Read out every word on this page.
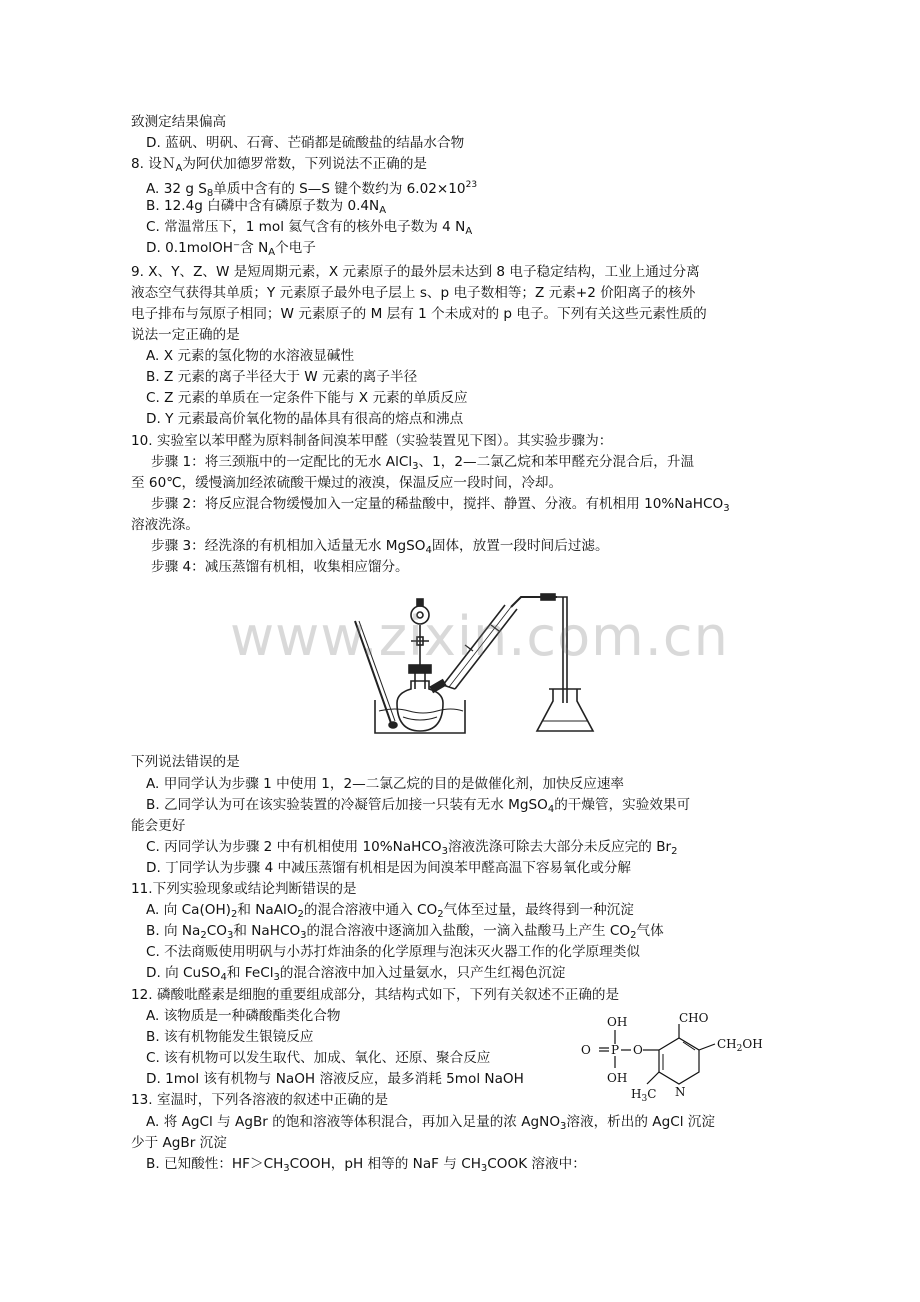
致测定结果偏高
D. 蓝矾、明矾、石膏、芒硝都是硫酸盐的结晶水合物
8. 设Ｎ$_A$为阿伏加德罗常数，下列说法不正确的是
A. 32 g $S_8$单质中含有的 S—S 键个数约为 $6.02\times 10^{23}$
B. 12.4g 白磷中含有磷原子数为 $0.4N_A$
C. 常温常压下，1 mol 氦气含有的核外电子数为 4 $N_A$
D. 0.1molOH⁻含 $N_A$个电子
9. X、Y、Z、W 是短周期元素，X 元素原子的最外层未达到 8 电子稳定结构，工业上通过分离
液态空气获得其单质；Y 元素原子最外电子层上 s、p 电子数相等；Z 元素+2 价阳离子的核外
电子排布与氖原子相同；W 元素原子的 M 层有 1 个未成对的 p 电子。下列有关这些元素性质的
说法一定正确的是
A. X 元素的氢化物的水溶液显碱性
B. Z 元素的离子半径大于 W 元素的离子半径
C. Z 元素的单质在一定条件下能与 X 元素的单质反应
D. Y 元素最高价氧化物的晶体具有很高的熔点和沸点
10. 实验室以苯甲醛为原料制备间溴苯甲醛（实验装置见下图）。其实验步骤为：
步骤 1：将三颈瓶中的一定配比的无水 AlCl$_3$、1，2—二氯乙烷和苯甲醛充分混合后，升温
至 60℃，缓慢滴加经浓硫酸干燥过的液溴，保温反应一段时间，冷却。
步骤 2：将反应混合物缓慢加入一定量的稀盐酸中，搅拌、静置、分液。有机相用 10%NaHCO$_3$
溶液洗涤。
步骤 3：经洗涤的有机相加入适量无水 MgSO$_4$固体，放置一段时间后过滤。
步骤 4：减压蒸馏有机相，收集相应馏分。
www.zixin.com.cn
下列说法错误的是
A. 甲同学认为步骤 1 中使用 1，2—二氯乙烷的目的是做催化剂，加快反应速率
B. 乙同学认为可在该实验装置的冷凝管后加接一只装有无水 MgSO$_4$的干燥管，实验效果可
能会更好
C. 丙同学认为步骤 2 中有机相使用 10%NaHCO$_3$溶液洗涤可除去大部分未反应完的 $Br_2$
D. 丁同学认为步骤 4 中减压蒸馏有机相是因为间溴苯甲醛高温下容易氧化或分解
11.下列实验现象或结论判断错误的是
A. 向 $Ca(OH)_2$和 NaAlO$_2$的混合溶液中通入 $CO_2$气体至过量，最终得到一种沉淀
B. 向 $Na_2CO_3$和 NaHCO$_3$的混合溶液中逐滴加入盐酸，一滴入盐酸马上产生 $CO_2$气体
C. 不法商贩使用明矾与小苏打炸油条的化学原理与泡沫灭火器工作的化学原理类似
D. 向 CuSO$_4$和 FeCl$_3$的混合溶液中加入过量氨水，只产生红褐色沉淀
12. 磷酸吡醛素是细胞的重要组成部分，其结构式如下，下列有关叙述不正确的是
A. 该物质是一种磷酸酯类化合物
B. 该有机物能发生银镜反应
C. 该有机物可以发生取代、加成、氧化、还原、聚合反应
D. 1mol 该有机物与 NaOH 溶液反应，最多消耗 5mol NaOH
OH	CHO
O P O	$CH_2OH$
OH
N
$H_3C$
13. 室温时，下列各溶液的叙述中正确的是
A. 将 AgCl 与 AgBr 的饱和溶液等体积混合，再加入足量的浓 AgNO$_3$溶液，析出的 AgCl 沉淀
少于 AgBr 沉淀
B. 已知酸性：$HF>CH_3COOH$，pH 相等的 NaF 与 $CH_3COOK$ 溶液中：
